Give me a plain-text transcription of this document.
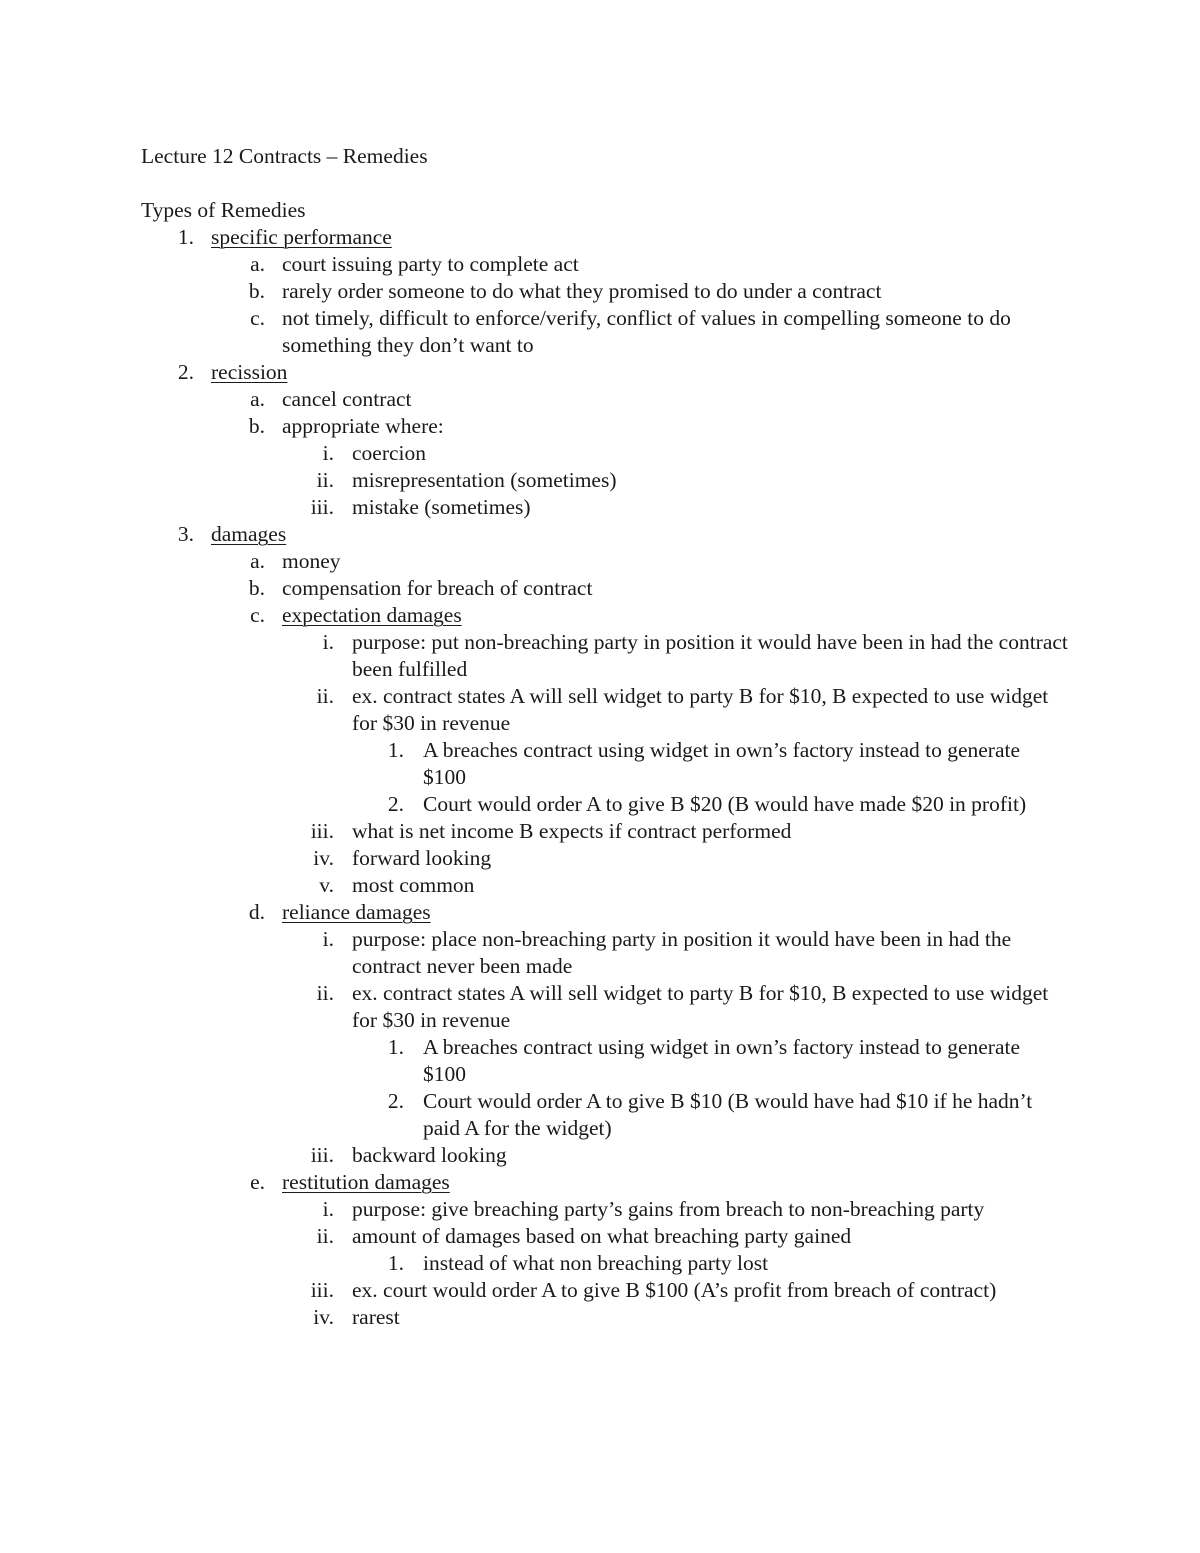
Lecture 12 Contracts – Remedies
Types of Remedies
1. specific performance
a. court issuing party to complete act
b. rarely order someone to do what they promised to do under a contract
c. not timely, difficult to enforce/verify, conflict of values in compelling someone to do something they don’t want to
2. recission
a. cancel contract
b. appropriate where:
i. coercion
ii. misrepresentation (sometimes)
iii. mistake (sometimes)
3. damages
a. money
b. compensation for breach of contract
c. expectation damages
i. purpose: put non-breaching party in position it would have been in had the contract been fulfilled
ii. ex. contract states A will sell widget to party B for $10, B expected to use widget for $30 in revenue
1. A breaches contract using widget in own’s factory instead to generate $100
2. Court would order A to give B $20 (B would have made $20 in profit)
iii. what is net income B expects if contract performed
iv. forward looking
v. most common
d. reliance damages
i. purpose: place non-breaching party in position it would have been in had the contract never been made
ii. ex. contract states A will sell widget to party B for $10, B expected to use widget for $30 in revenue
1. A breaches contract using widget in own’s factory instead to generate $100
2. Court would order A to give B $10 (B would have had $10 if he hadn’t paid A for the widget)
iii. backward looking
e. restitution damages
i. purpose: give breaching party’s gains from breach to non-breaching party
ii. amount of damages based on what breaching party gained
1. instead of what non breaching party lost
iii. ex. court would order A to give B $100 (A’s profit from breach of contract)
iv. rarest
